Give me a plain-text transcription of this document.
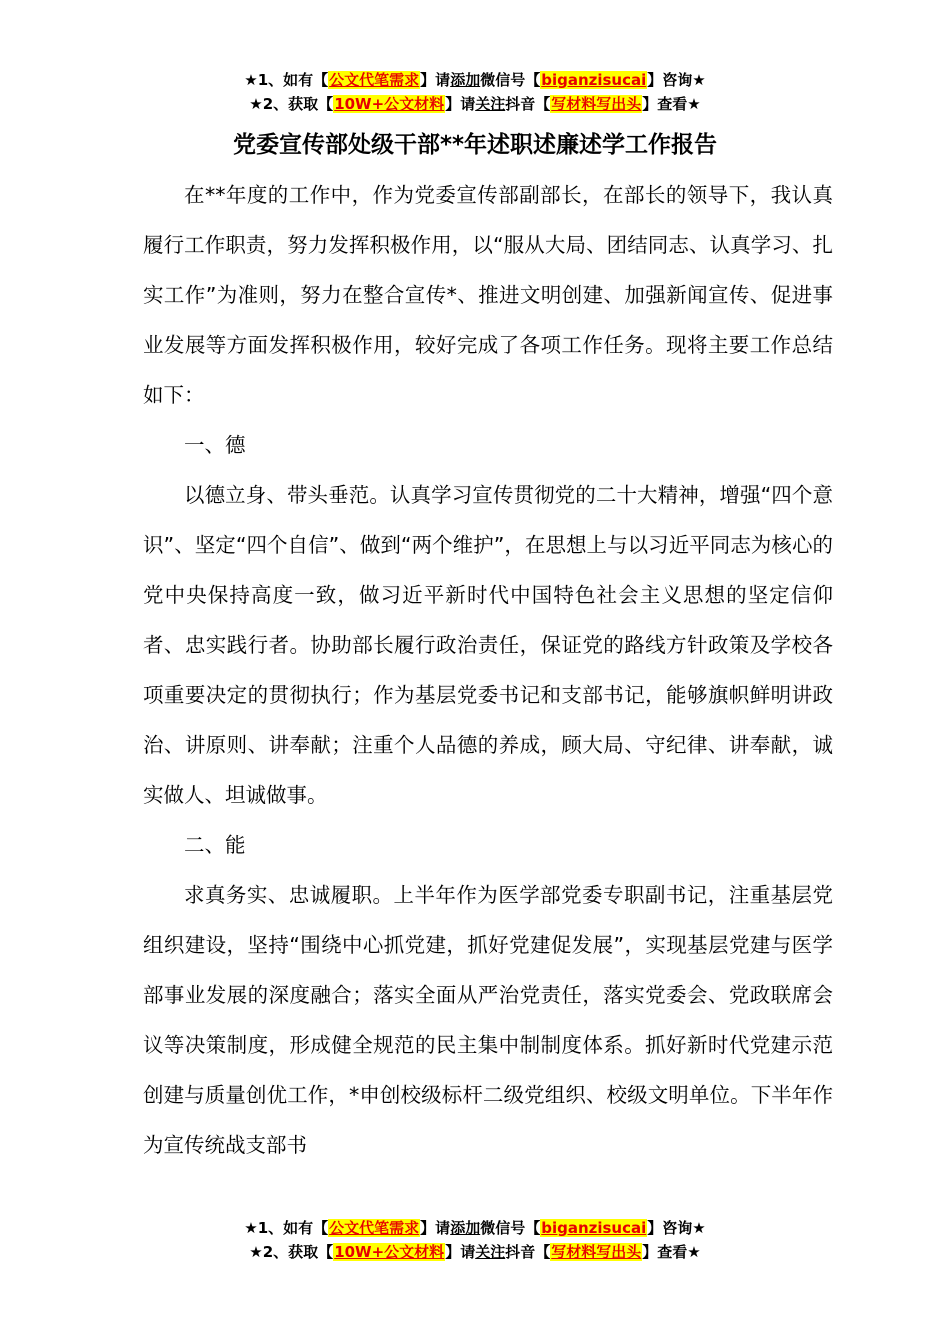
★1、如有【公文代笔需求】请添加微信号【biganzisucai】咨询★
★2、获取【10W+公文材料】请关注抖音【写材料写出头】查看★
党委宣传部处级干部**年述职述廉述学工作报告

在**年度的工作中，作为党委宣传部副部长，在部长的领导下，我认真履行工作职责，努力发挥积极作用，以“服从大局、团结同志、认真学习、扎实工作”为准则，努力在整合宣传*、推进文明创建、加强新闻宣传、促进事业发展等方面发挥积极作用，较好完成了各项工作任务。现将主要工作总结如下：

一、德

以德立身、带头垂范。认真学习宣传贯彻党的二十大精神，增强“四个意识”、坚定“四个自信”、做到“两个维护”，在思想上与以习近平同志为核心的党中央保持高度一致，做习近平新时代中国特色社会主义思想的坚定信仰者、忠实践行者。协助部长履行政治责任，保证党的路线方针政策及学校各项重要决定的贯彻执行；作为基层党委书记和支部书记，能够旗帜鲜明讲政治、讲原则、讲奉献；注重个人品德的养成，顾大局、守纪律、讲奉献，诚实做人、坦诚做事。

二、能

求真务实、忠诚履职。上半年作为医学部党委专职副书记，注重基层党组织建设，坚持“围绕中心抓党建，抓好党建促发展”，实现基层党建与医学部事业发展的深度融合；落实全面从严治党责任，落实党委会、党政联席会议等决策制度，形成健全规范的民主集中制制度体系。抓好新时代党建示范创建与质量创优工作，*申创校级标杆二级党组织、校级文明单位。下半年作为宣传统战支部书

★1、如有【公文代笔需求】请添加微信号【biganzisucai】咨询★
★2、获取【10W+公文材料】请关注抖音【写材料写出头】查看★
